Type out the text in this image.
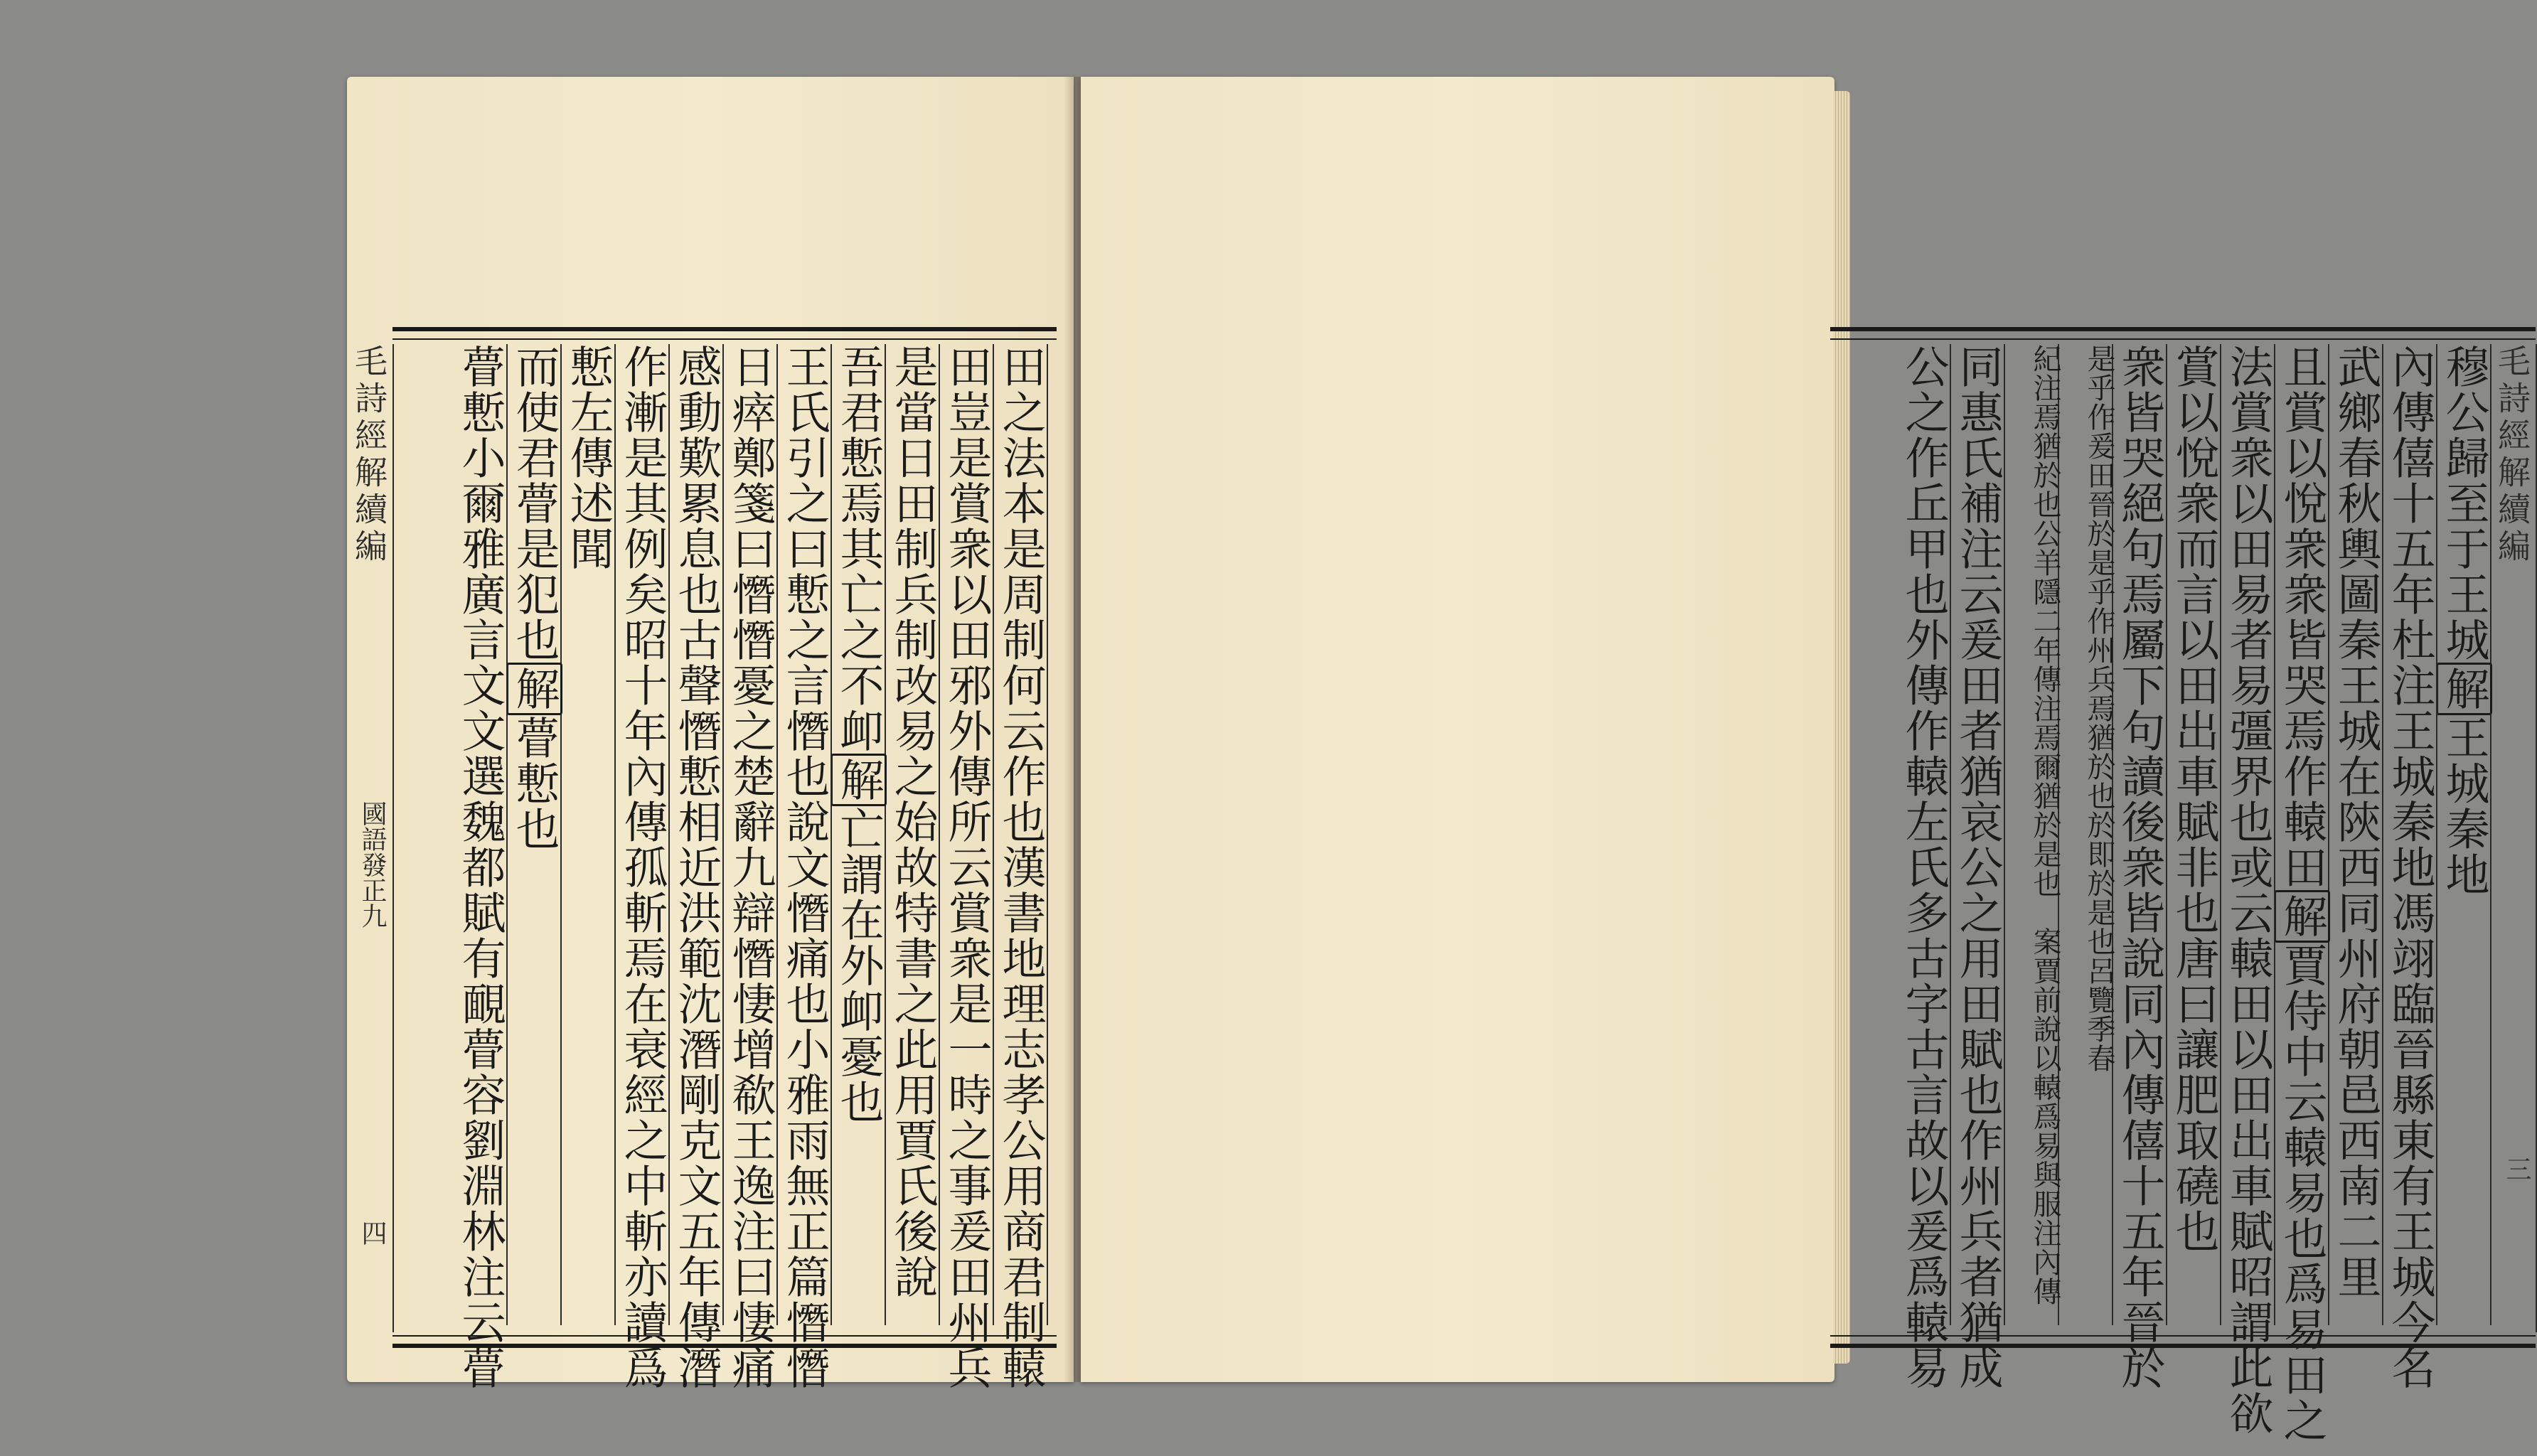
毛詩經解續編
國語發正九
四	田之法本是周制何云作也漢書地理志孝公用商君制轅
田豈是賞衆以田邪外傳所云賞衆是一時之事爰田州兵
是當日田制兵制改易之始故特書之此用賈氏後說
吾君慙焉其亡之不卹解亡謂在外卹憂也
王氏引之曰慙之言憯也說文憯痛也小雅雨無正篇憯憯
日瘁鄭箋曰憯憯憂之楚辭九辯憯悽增欷王逸注曰悽痛
感動歎累息也古聲憯慙相近洪範沈潛剛克文五年傳潛
作漸是其例矣昭十年內傳孤斬焉在衰經之中斬亦讀爲
慙左傳述聞
而使君瞢是犯也解瞢慙也
瞢慙小爾雅廣言文文選魏都賦有靦瞢容劉淵林注云瞢	毛詩經解續編
三
穆公歸至于王城解王城秦地
內傳僖十五年杜注王城秦地馮翊臨晉縣東有王城今名
武鄉春秋輿圖秦王城在陝西同州府朝邑西南二里
且賞以悅衆衆皆哭焉作轅田解賈侍中云轅易也爲易田之
法賞衆以田易者易彊界也或云轅田以田出車賦昭謂此欲
賞以悅衆而言以田出車賦非也唐曰讓肥取磽也
衆皆哭絕句焉屬下句讀後衆皆說同內傳僖十五年晉於
是乎作爰田晉於是乎作州兵焉猶於也於即於是也呂覽季春
紀注焉猶於也公羊隱二年傳注焉爾猶於是也　案賈前說以轅爲易與服注內傳
同惠氏補注云爰田者猶哀公之用田賦也作州兵者猶成
公之作丘甲也外傳作轅左氏多古字古言故以爰爲轅易
